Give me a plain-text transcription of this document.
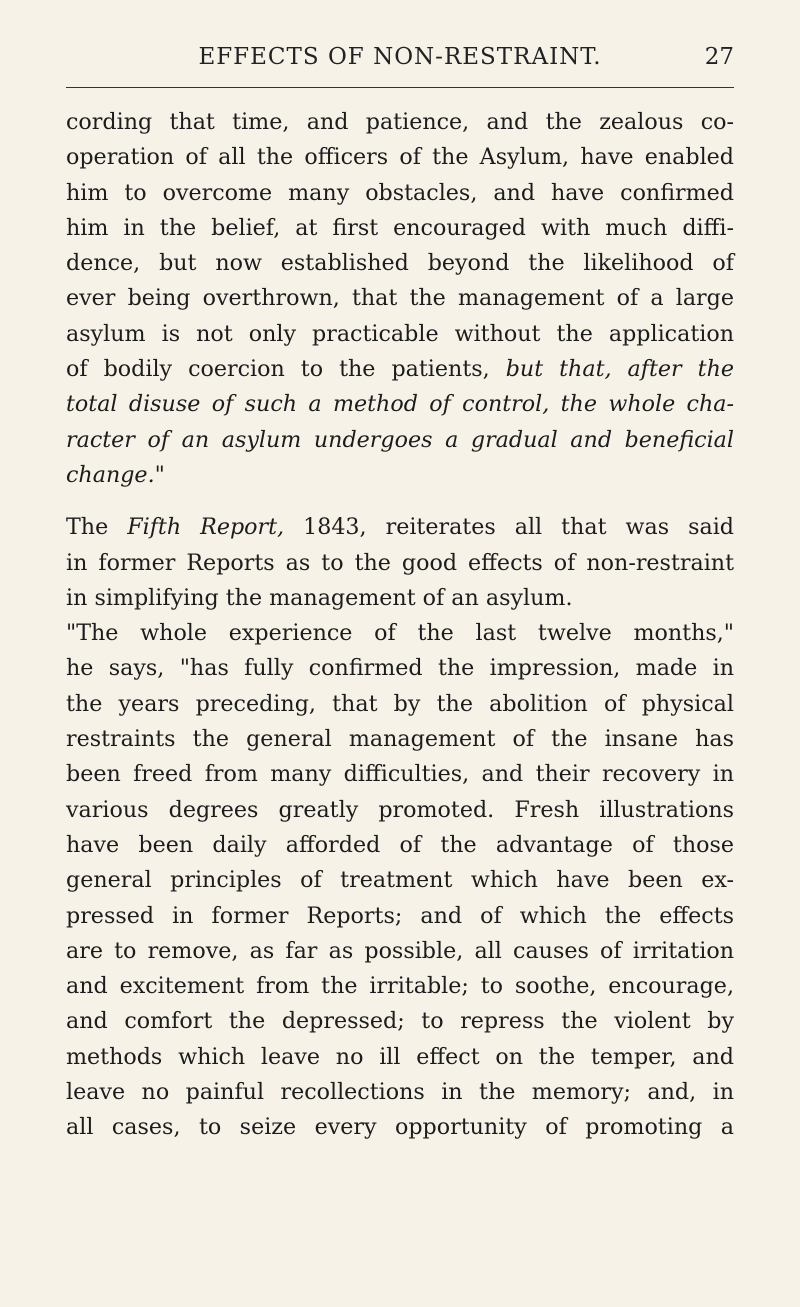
EFFECTS OF NON-RESTRAINT.	27
cording that time, and patience, and the zealous co-
operation of all the officers of the Asylum, have enabled
him to overcome many obstacles, and have confirmed
him in the belief, at first encouraged with much diffi-
dence, but now established beyond the likelihood of
ever being overthrown, that the management of a large
asylum is not only practicable without the application
of bodily coercion to the patients, but that, after the
total disuse of such a method of control, the whole cha-
racter of an asylum undergoes a gradual and beneficial
change."
The Fifth Report, 1843, reiterates all that was said
in former Reports as to the good effects of non-restraint
in simplifying the management of an asylum.
"The whole experience of the last twelve months,"
he says, "has fully confirmed the impression, made in
the years preceding, that by the abolition of physical
restraints the general management of the insane has
been freed from many difficulties, and their recovery in
various degrees greatly promoted. Fresh illustrations
have been daily afforded of the advantage of those
general principles of treatment which have been ex-
pressed in former Reports; and of which the effects
are to remove, as far as possible, all causes of irritation
and excitement from the irritable; to soothe, encourage,
and comfort the depressed; to repress the violent by
methods which leave no ill effect on the temper, and
leave no painful recollections in the memory; and, in
all cases, to seize every opportunity of promoting a
